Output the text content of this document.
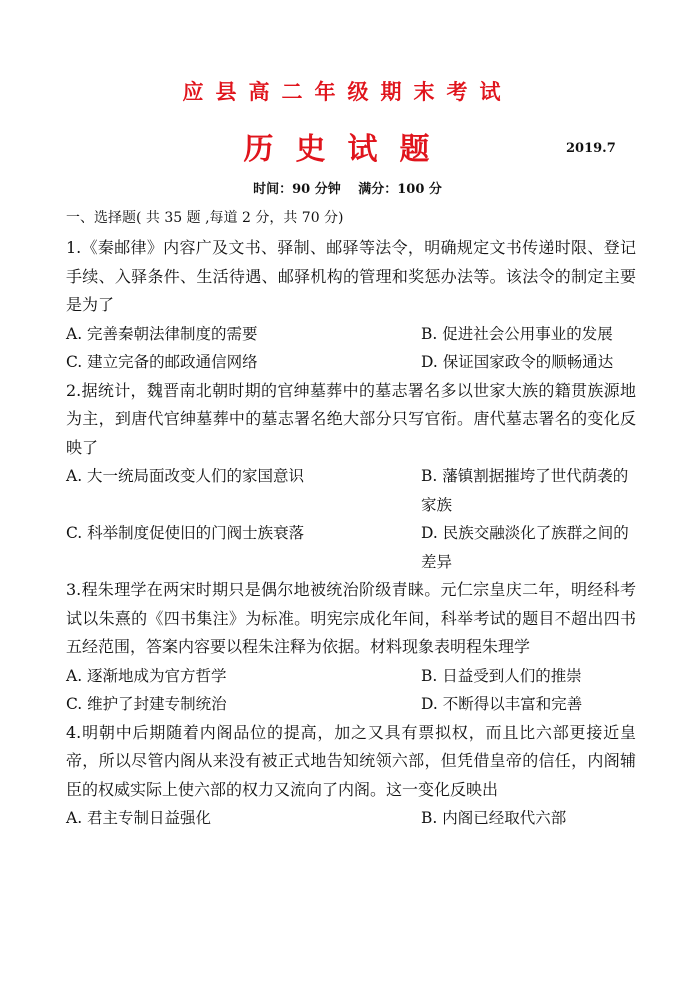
应县高二年级期末考试
历史试题	2019.7
时间：90 分钟　 满分：100 分
一、选择题( 共 35 题 ,每道 2 分，共 70 分)
1.《秦邮律》内容广及文书、驿制、邮驿等法令，明确规定文书传递时限、登记手续、入驿条件、生活待遇、邮驿机构的管理和奖惩办法等。该法令的制定主要是为了
A. 完善秦朝法律制度的需要	B. 促进社会公用事业的发展
C. 建立完备的邮政通信网络	D. 保证国家政令的顺畅通达
2.据统计，魏晋南北朝时期的官绅墓葬中的墓志署名多以世家大族的籍贯族源地为主，到唐代官绅墓葬中的墓志署名绝大部分只写官衔。唐代墓志署名的变化反映了
A. 大一统局面改变人们的家国意识	B. 藩镇割据摧垮了世代荫袭的家族
C. 科举制度促使旧的门阀士族衰落	D. 民族交融淡化了族群之间的差异
3.程朱理学在两宋时期只是偶尔地被统治阶级青睐。元仁宗皇庆二年，明经科考试以朱熹的《四书集注》为标准。明宪宗成化年间，科举考试的题目不超出四书五经范围，答案内容要以程朱注释为依据。材料现象表明程朱理学
A. 逐渐地成为官方哲学	B. 日益受到人们的推崇
C. 维护了封建专制统治	D. 不断得以丰富和完善
4.明朝中后期随着内阁品位的提高，加之又具有票拟权，而且比六部更接近皇帝，所以尽管内阁从来没有被正式地告知统领六部，但凭借皇帝的信任，内阁辅臣的权威实际上使六部的权力又流向了内阁。这一变化反映出
A. 君主专制日益强化	B. 内阁已经取代六部
